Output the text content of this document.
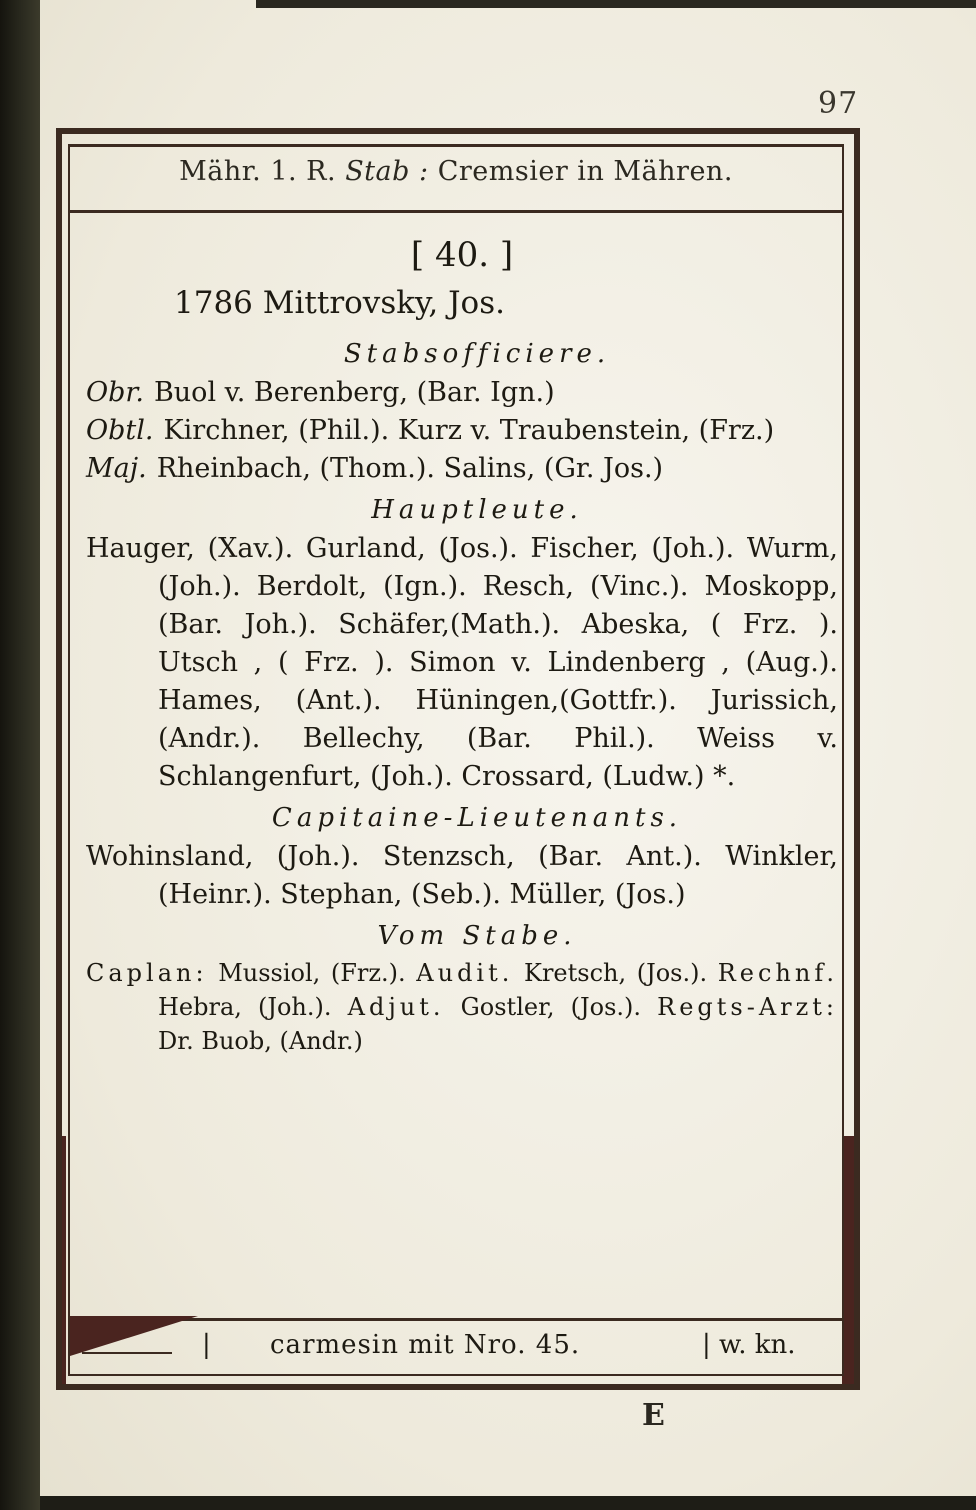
97
Mähr. 1. R. Stab : Cremsier in Mähren.
[ 40. ]
1786 Mittrovsky, Jos.
Stabsofficiere.
Obr. Buol v. Berenberg, (Bar. Ign.)
Obtl. Kirchner, (Phil.). Kurz v. Traubenstein, (Frz.)
Maj. Rheinbach, (Thom.). Salins, (Gr. Jos.)
Hauptleute.
Hauger, (Xav.). Gurland, (Jos.). Fischer, (Joh.). Wurm, (Joh.). Berdolt, (Ign.). Resch, (Vinc.). Moskopp, (Bar. Joh.). Schäfer,(Math.). Abeska, ( Frz. ). Utsch , ( Frz. ). Simon v. Lindenberg , (Aug.). Hames, (Ant.). Hüningen,(Gottfr.). Jurissich, (Andr.). Bellechy, (Bar. Phil.). Weiss v. Schlangenfurt, (Joh.). Crossard, (Ludw.) *.
Capitaine-Lieutenants.
Wohinsland, (Joh.). Stenzsch, (Bar. Ant.). Winkler, (Heinr.). Stephan, (Seb.). Müller, (Jos.)
Vom Stabe.
Caplan: Mussiol, (Frz.). Audit. Kretsch, (Jos.). Rechnf. Hebra, (Joh.). Adjut. Gostler, (Jos.). Regts-Arzt: Dr. Buob, (Andr.)
| carmesin mit Nro. 45.	| w. kn.
E
